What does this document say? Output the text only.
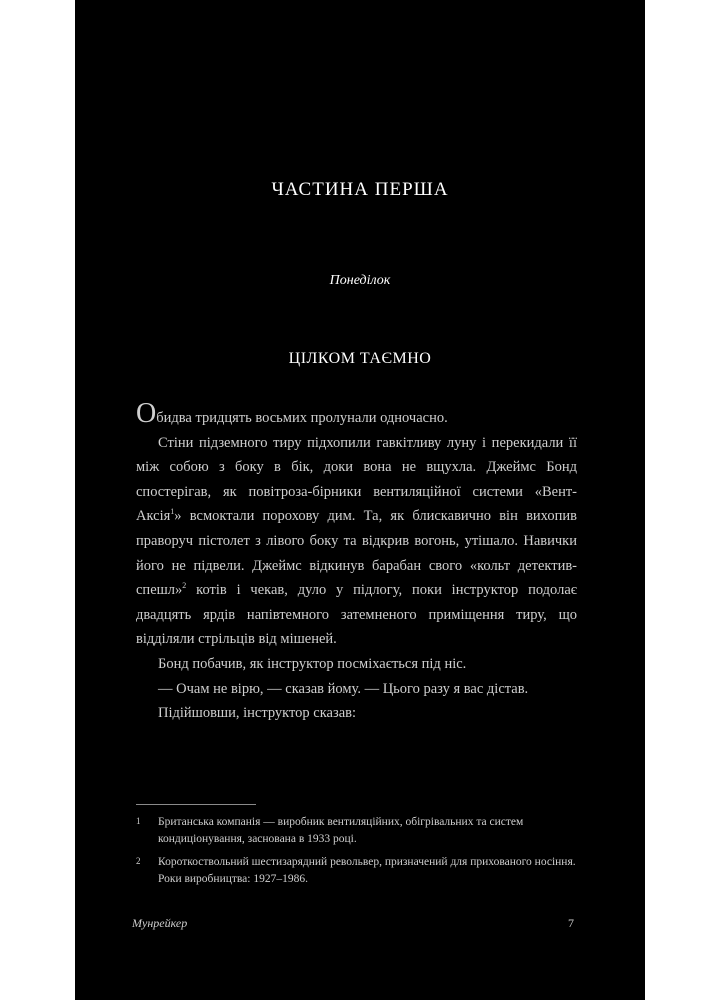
ЧАСТИНА ПЕРША
Понеділок
ЦІЛКОМ ТАЄМНО

Обидва тридцять восьмих пролунали одночасно.

Стіни підземного тиру підхопили гавкітливу луну і перекидали її між собою з боку в бік, доки вона не вщухла. Джеймс Бонд спостерігав, як повітроза-бірники вентиляційної системи «Вент-Аксія$^1$» всмоктали порохову дим. Та, як блискавично він вихопив праворуч пістолет з лівого боку та відкрив вогонь, утішало. Навички його не підвели. Джеймс відкинув барабан свого «кольт детектив-спешл»$^2$ котів і чекав, дуло у підлогу, поки інструктор подолає двадцять ярдів напівтемного затемненого приміщення тиру, що відділяли стрільців від мішеней.

Бонд побачив, як інструктор посміхається під ніс.

— Очам не вірю, — сказав йому. — Цього разу я вас дістав.

Підійшовши, інструктор сказав:

1	Британська компанія — виробник вентиляційних, обігрівальних та систем кондиціонування, заснована в 1933 році.
2	Короткоствольний шестизарядний револьвер, призначений для прихованого носіння. Роки виробництва: 1927–1986.
Мунрейкер	7
